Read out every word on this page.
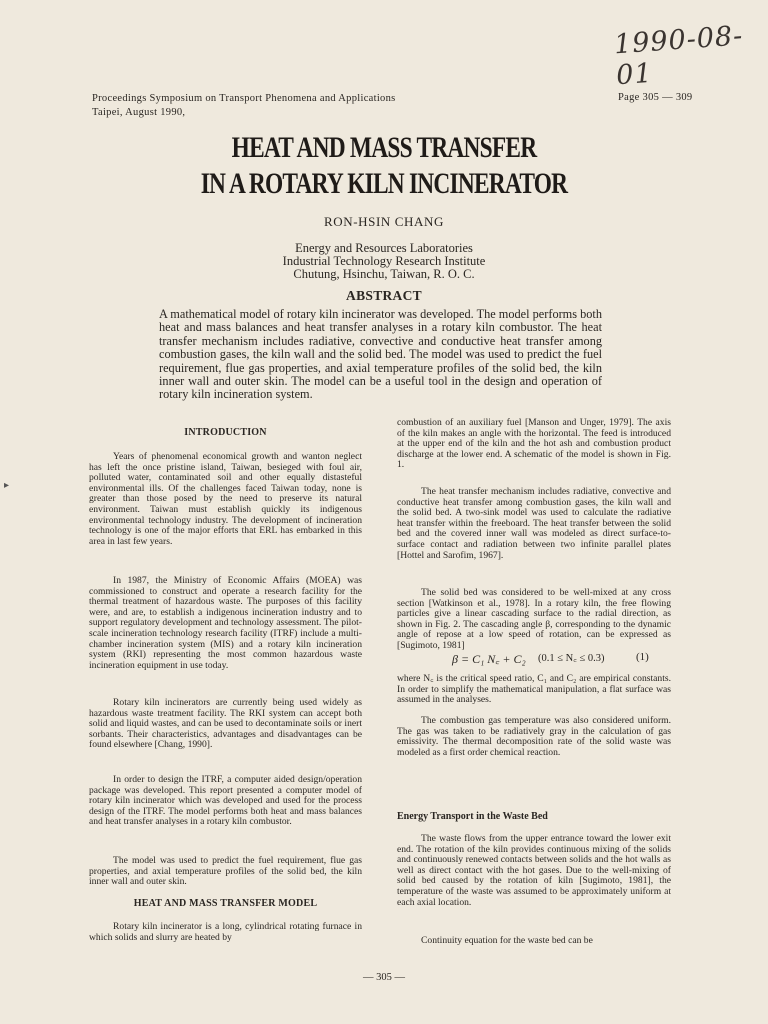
1990-08-01
Proceedings Symposium on Transport Phenomena and Applications
Taipei, August 1990,
Page 305 — 309
HEAT AND MASS TRANSFER
IN A ROTARY KILN INCINERATOR
RON-HSIN CHANG
Energy and Resources Laboratories
Industrial Technology Research Institute
Chutung, Hsinchu, Taiwan, R. O. C.
ABSTRACT
A mathematical model of rotary kiln incinerator was developed. The model performs both heat and mass balances and heat transfer analyses in a rotary kiln combustor. The heat transfer mechanism includes radiative, convective and conductive heat transfer among combustion gases, the kiln wall and the solid bed. The model was used to predict the fuel requirement, flue gas properties, and axial temperature profiles of the solid bed, the kiln inner wall and outer skin. The model can be a useful tool in the design and operation of rotary kiln incineration system.
▸
INTRODUCTION

Years of phenomenal economical growth and wanton neglect has left the once pristine island, Taiwan, besieged with foul air, polluted water, contaminated soil and other equally distasteful environmental ills. Of the challenges faced Taiwan today, none is greater than those posed by the need to preserve its natural environment. Taiwan must establish quickly its indigenous environmental technology industry. The development of incineration technology is one of the major efforts that ERL has embarked in this area in last few years.

In 1987, the Ministry of Economic Affairs (MOEA) was commissioned to construct and operate a research facility for the thermal treatment of hazardous waste. The purposes of this facility were, and are, to establish a indigenous incineration industry and to support regulatory development and technology assessment. The pilot-scale incineration technology research facility (ITRF) include a multi-chamber incineration system (MIS) and a rotary kiln incineration system (RKI) representing the most common hazardous waste incineration equipment in use today.

Rotary kiln incinerators are currently being used widely as hazardous waste treatment facility. The RKI system can accept both solid and liquid wastes, and can be used to decontaminate soils or inert sorbants. Their characteristics, advantages and disadvantages can be found elsewhere [Chang, 1990].

In order to design the ITRF, a computer aided design/operation package was developed. This report presented a computer model of rotary kiln incinerator which was developed and used for the process design of the ITRF. The model performs both heat and mass balances and heat transfer analyses in a rotary kiln combustor.

The model was used to predict the fuel requirement, flue gas properties, and axial temperature profiles of the solid bed, the kiln inner wall and outer skin.

HEAT AND MASS TRANSFER MODEL

Rotary kiln incinerator is a long, cylindrical rotating furnace in which solids and slurry are heated by

combustion of an auxiliary fuel [Manson and Unger, 1979]. The axis of the kiln makes an angle with the horizontal. The feed is introduced at the upper end of the kiln and the hot ash and combustion product discharge at the lower end. A schematic of the model is shown in Fig. 1.

The heat transfer mechanism includes radiative, convective and conductive heat transfer among combustion gases, the kiln wall and the solid bed. A two-sink model was used to calculate the radiative heat transfer within the freeboard. The heat transfer between the solid bed and the covered inner wall was modeled as direct surface-to-surface contact and radiation between two infinite parallel plates [Hottel and Sarofim, 1967].

The solid bed was considered to be well-mixed at any cross section [Watkinson et al., 1978]. In a rotary kiln, the free flowing particles give a linear cascading surface to the radial direction, as shown in Fig. 2. The cascading angle β, corresponding to the dynamic angle of repose at a low speed of rotation, can be expressed as [Sugimoto, 1981]

β = C₁ N꜀ + C₂ (0.1 ≤ N꜀ ≤ 0.3)	(1)

where N꜀ is the critical speed ratio, C₁ and C₂ are empirical constants. In order to simplify the mathematical manipulation, a flat surface was assumed in the analyses.

The combustion gas temperature was also considered uniform. The gas was taken to be radiatively gray in the calculation of gas emissivity. The thermal decomposition rate of the solid waste was modeled as a first order chemical reaction.

Energy Transport in the Waste Bed

The waste flows from the upper entrance toward the lower exit end. The rotation of the kiln provides continuous mixing of the solids and continuously renewed contacts between solids and the hot walls as well as direct contact with the hot gases. Due to the well-mixing of solid bed caused by the rotation of kiln [Sugimoto, 1981], the temperature of the waste was assumed to be approximately uniform at each axial location.

Continuity equation for the waste bed can be

— 305 —
